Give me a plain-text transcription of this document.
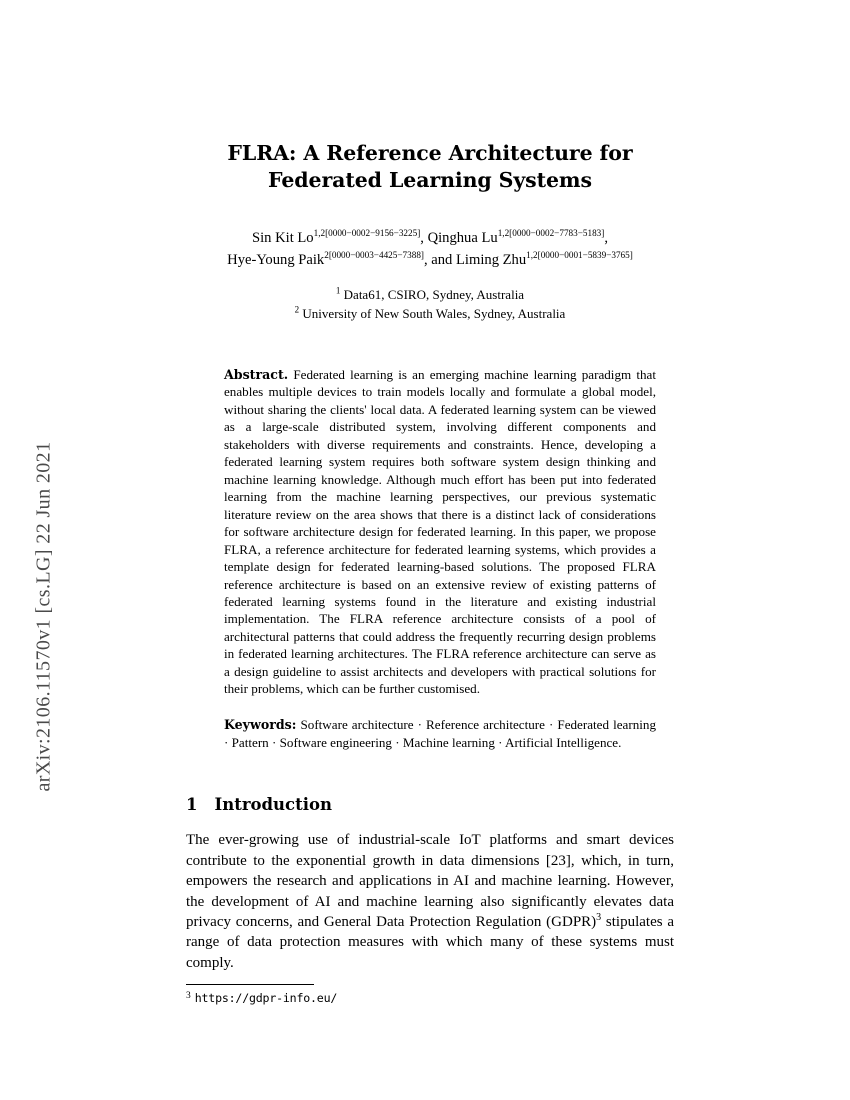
arXiv:2106.11570v1 [cs.LG] 22 Jun 2021
FLRA: A Reference Architecture for
Federated Learning Systems
Sin Kit $Lo^{1,2[0000-0002-9156-3225]}$, Qinghua $Lu^{1,2[0000-0002-7783-5183]}$,
Hye-Young Paik$^{2[0000-0003-4425-7388]}$, and Liming Zhu$^{1,2[0000-0001-5839-3765]}$
$^1$ Data61, CSIRO, Sydney, Australia
$^2$ University of New South Wales, Sydney, Australia

Abstract. Federated learning is an emerging machine learning paradigm that enables multiple devices to train models locally and formulate a global model, without sharing the clients' local data. A federated learning system can be viewed as a large-scale distributed system, involving different components and stakeholders with diverse requirements and constraints. Hence, developing a federated learning system requires both software system design thinking and machine learning knowledge. Although much effort has been put into federated learning from the machine learning perspectives, our previous systematic literature review on the area shows that there is a distinct lack of considerations for software architecture design for federated learning. In this paper, we propose FLRA, a reference architecture for federated learning systems, which provides a template design for federated learning-based solutions. The proposed FLRA reference architecture is based on an extensive review of existing patterns of federated learning systems found in the literature and existing industrial implementation. The FLRA reference architecture consists of a pool of architectural patterns that could address the frequently recurring design problems in federated learning architectures. The FLRA reference architecture can serve as a design guideline to assist architects and developers with practical solutions for their problems, which can be further customised.

Keywords: Software architecture · Reference architecture · Federated learning · Pattern · Software engineering · Machine learning · Artificial Intelligence.

1 Introduction

The ever-growing use of industrial-scale IoT platforms and smart devices contribute to the exponential growth in data dimensions [23], which, in turn, empowers the research and applications in AI and machine learning. However, the development of AI and machine learning also significantly elevates data privacy concerns, and General Data Protection Regulation (GDPR)$^3$ stipulates a range of data protection measures with which many of these systems must comply.

3 https://gdpr-info.eu/
